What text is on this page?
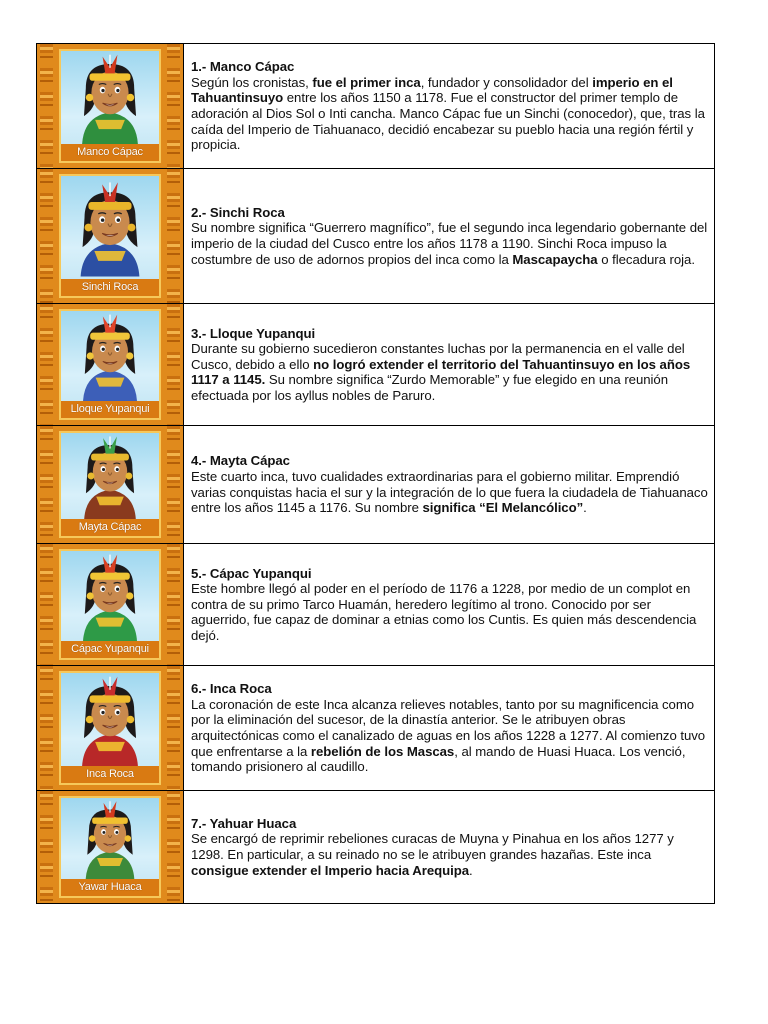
Manco Cápac
1.- Manco Cápac
Según los cronistas, fue el primer inca, fundador y consolidador del imperio en el Tahuantinsuyo entre los años 1150 a 1178. Fue el constructor del primer templo de adoración al Dios Sol o Inti cancha. Manco Cápac fue un Sinchi (conocedor), que, tras la caída del Imperio de Tiahuanaco, decidió encabezar su pueblo hacia una región fértil y propicia.
Sinchi Roca
2.- Sinchi Roca
Su nombre significa “Guerrero magnífico”, fue el segundo inca legendario gobernante del imperio de la ciudad del Cusco entre los años 1178 a 1190. Sinchi Roca impuso la costumbre de uso de adornos propios del inca como la Mascapaycha o flecadura roja.
Lloque Yupanqui
3.- Lloque Yupanqui
Durante su gobierno sucedieron constantes luchas por la permanencia en el valle del Cusco, debido a ello no logró extender el territorio del Tahuantinsuyo en los años 1117 a 1145. Su nombre significa “Zurdo Memorable” y fue elegido en una reunión efectuada por los ayllus nobles de Paruro.
Mayta Cápac
4.- Mayta Cápac
Este cuarto inca, tuvo cualidades extraordinarias para el gobierno militar. Emprendió varias conquistas hacia el sur y la integración de lo que fuera la ciudadela de Tiahuanaco entre los años 1145 a 1176. Su nombre significa “El Melancólico”.
Cápac Yupanqui
5.- Cápac Yupanqui
Este hombre llegó al poder en el período de 1176 a 1228, por medio de un complot en contra de su primo Tarco Huamán, heredero legítimo al trono. Conocido por ser aguerrido, fue capaz de dominar a etnias como los Cuntis. Es quien más descendencia dejó.
Inca Roca
6.- Inca Roca
La coronación de este Inca alcanza relieves notables, tanto por su magnificencia como por la eliminación del sucesor, de la dinastía anterior. Se le atribuyen obras arquitectónicas como el canalizado de aguas en los años 1228 a 1277. Al comienzo tuvo que enfrentarse a la rebelión de los Mascas, al mando de Huasi Huaca. Los venció, tomando prisionero al caudillo.
Yawar Huaca
7.- Yahuar Huaca
Se encargó de reprimir rebeliones curacas de Muyna y Pinahua en los años 1277 y 1298. En particular, a su reinado no se le atribuyen grandes hazañas. Este inca consigue extender el Imperio hacia Arequipa.
